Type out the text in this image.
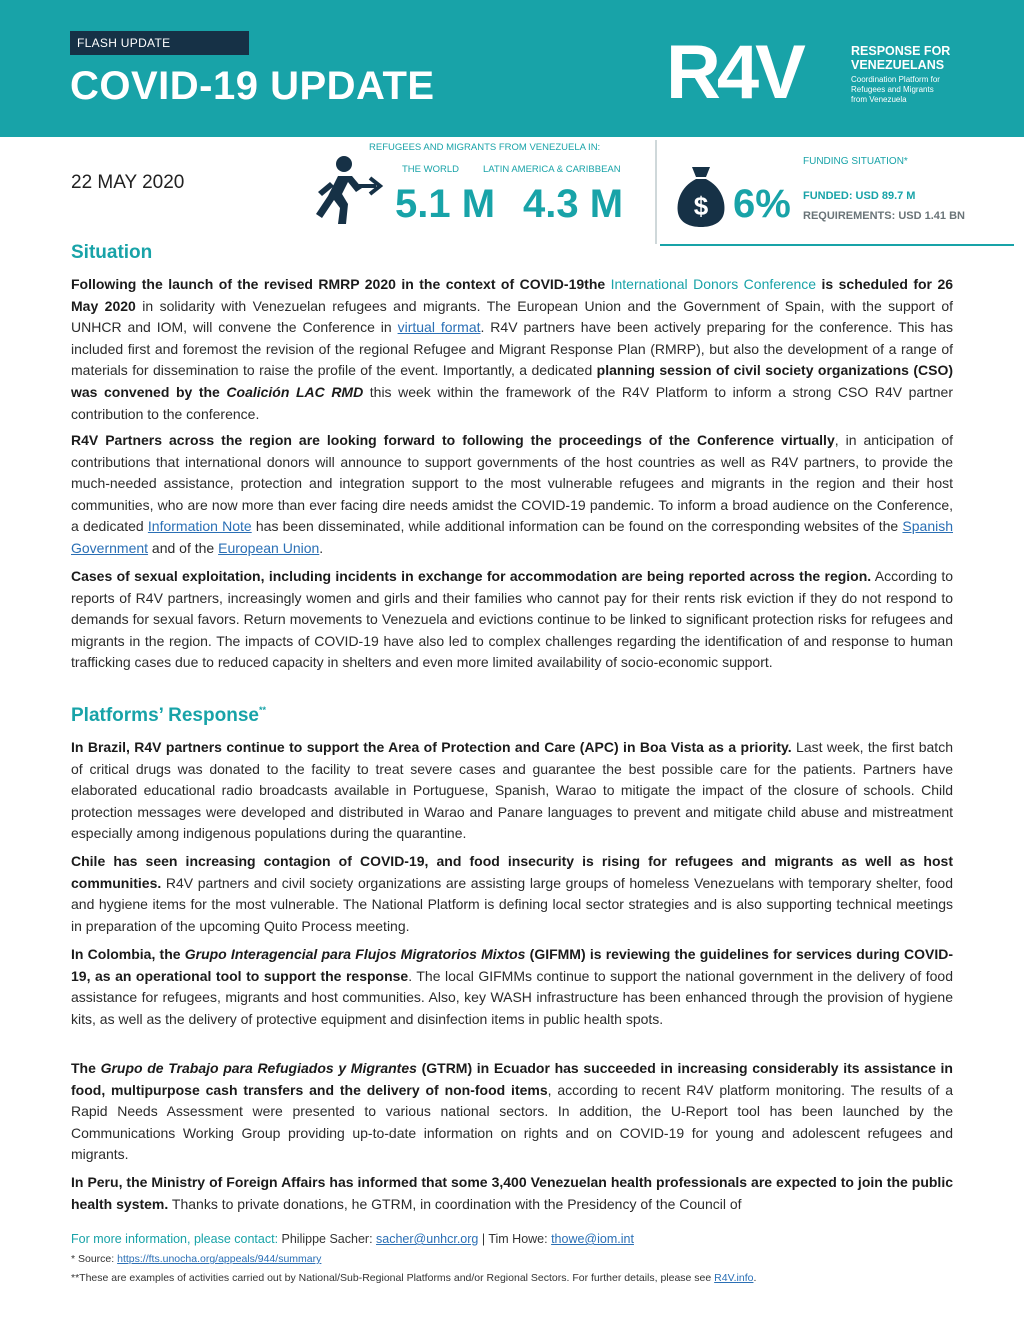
FLASH UPDATE
COVID-19 UPDATE	R4V	RESPONSE FOR
VENEZUELANS
Coordination Platform for
Refugees and Migrants
from Venezuela
22 MAY 2020
REFUGEES AND MIGRANTS FROM VENEZUELA IN:
THE WORLD	LATIN AMERICA & CARIBBEAN
5.1 M 4.3 M	$ 6%
FUNDING SITUATION*
FUNDED: USD 89.7 M
REQUIREMENTS: USD 1.41 BN
Situation
Following the launch of the revised RMRP 2020 in the context of COVID-19the International Donors Conference is scheduled for 26 May 2020 in solidarity with Venezuelan refugees and migrants. The European Union and the Government of Spain, with the support of UNHCR and IOM, will convene the Conference in virtual format. R4V partners have been actively preparing for the conference. This has included first and foremost the revision of the regional Refugee and Migrant Response Plan (RMRP), but also the development of a range of materials for dissemination to raise the profile of the event. Importantly, a dedicated planning session of civil society organizations (CSO) was convened by the Coalición LAC RMD this week within the framework of the R4V Platform to inform a strong CSO R4V partner contribution to the conference.
R4V Partners across the region are looking forward to following the proceedings of the Conference virtually, in anticipation of contributions that international donors will announce to support governments of the host countries as well as R4V partners, to provide the much-needed assistance, protection and integration support to the most vulnerable refugees and migrants in the region and their host communities, who are now more than ever facing dire needs amidst the COVID-19 pandemic. To inform a broad audience on the Conference, a dedicated Information Note has been disseminated, while additional information can be found on the corresponding websites of the Spanish Government and of the European Union.
Cases of sexual exploitation, including incidents in exchange for accommodation are being reported across the region. According to reports of R4V partners, increasingly women and girls and their families who cannot pay for their rents risk eviction if they do not respond to demands for sexual favors. Return movements to Venezuela and evictions continue to be linked to significant protection risks for refugees and migrants in the region. The impacts of COVID-19 have also led to complex challenges regarding the identification of and response to human trafficking cases due to reduced capacity in shelters and even more limited availability of socio-economic support.
Platforms’ Response**
In Brazil, R4V partners continue to support the Area of Protection and Care (APC) in Boa Vista as a priority. Last week, the first batch of critical drugs was donated to the facility to treat severe cases and guarantee the best possible care for the patients. Partners have elaborated educational radio broadcasts available in Portuguese, Spanish, Warao to mitigate the impact of the closure of schools. Child protection messages were developed and distributed in Warao and Panare languages to prevent and mitigate child abuse and mistreatment especially among indigenous populations during the quarantine.
Chile has seen increasing contagion of COVID-19, and food insecurity is rising for refugees and migrants as well as host communities. R4V partners and civil society organizations are assisting large groups of homeless Venezuelans with temporary shelter, food and hygiene items for the most vulnerable. The National Platform is defining local sector strategies and is also supporting technical meetings in preparation of the upcoming Quito Process meeting.
In Colombia, the Grupo Interagencial para Flujos Migratorios Mixtos (GIFMM) is reviewing the guidelines for services during COVID-19, as an operational tool to support the response. The local GIFMMs continue to support the national government in the delivery of food assistance for refugees, migrants and host communities. Also, key WASH infrastructure has been enhanced through the provision of hygiene kits, as well as the delivery of protective equipment and disinfection items in public health spots.
The Grupo de Trabajo para Refugiados y Migrantes (GTRM) in Ecuador has succeeded in increasing considerably its assistance in food, multipurpose cash transfers and the delivery of non-food items, according to recent R4V platform monitoring. The results of a Rapid Needs Assessment were presented to various national sectors. In addition, the U-Report tool has been launched by the Communications Working Group providing up-to-date information on rights and on COVID-19 for young and adolescent refugees and migrants.
In Peru, the Ministry of Foreign Affairs has informed that some 3,400 Venezuelan health professionals are expected to join the public health system. Thanks to private donations, he GTRM, in coordination with the Presidency of the Council of
For more information, please contact: Philippe Sacher: sacher@unhcr.org | Tim Howe: thowe@iom.int
* Source: https://fts.unocha.org/appeals/944/summary
**These are examples of activities carried out by National/Sub-Regional Platforms and/or Regional Sectors. For further details, please see R4V.info.
